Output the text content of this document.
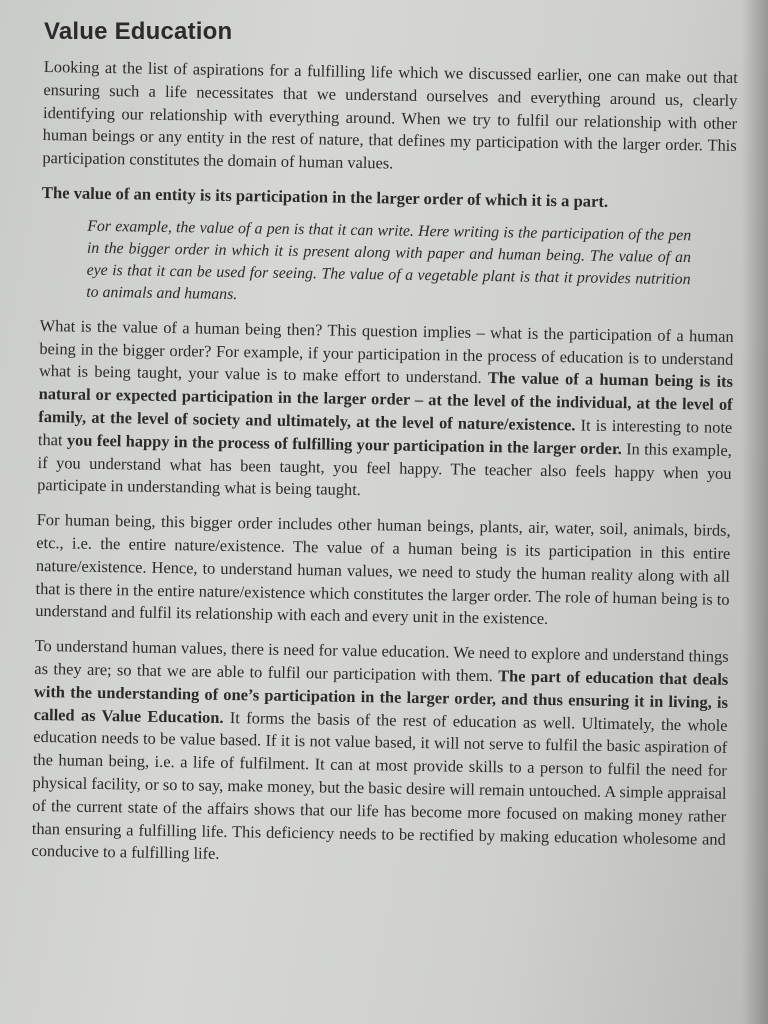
Value Education

Looking at the list of aspirations for a fulfilling life which we discussed earlier, one can make out that ensuring such a life necessitates that we understand ourselves and everything around us, clearly identifying our relationship with everything around. When we try to fulfil our relationship with other human beings or any entity in the rest of nature, that defines my participation with the larger order. This participation constitutes the domain of human values.

The value of an entity is its participation in the larger order of which it is a part.

For example, the value of a pen is that it can write. Here writing is the participation of the pen in the bigger order in which it is present along with paper and human being. The value of an eye is that it can be used for seeing. The value of a vegetable plant is that it provides nutrition to animals and humans.

What is the value of a human being then? This question implies – what is the participation of a human being in the bigger order? For example, if your participation in the process of education is to understand what is being taught, your value is to make effort to understand. The value of a human being is its natural or expected participation in the larger order – at the level of the individual, at the level of family, at the level of society and ultimately, at the level of nature/existence. It is interesting to note that you feel happy in the process of fulfilling your participation in the larger order. In this example, if you understand what has been taught, you feel happy. The teacher also feels happy when you participate in understanding what is being taught.

For human being, this bigger order includes other human beings, plants, air, water, soil, animals, birds, etc., i.e. the entire nature/existence. The value of a human being is its participation in this entire nature/existence. Hence, to understand human values, we need to study the human reality along with all that is there in the entire nature/existence which constitutes the larger order. The role of human being is to understand and fulfil its relationship with each and every unit in the existence.

To understand human values, there is need for value education. We need to explore and understand things as they are; so that we are able to fulfil our participation with them. The part of education that deals with the understanding of one’s participation in the larger order, and thus ensuring it in living, is called as Value Education. It forms the basis of the rest of education as well. Ultimately, the whole education needs to be value based. If it is not value based, it will not serve to fulfil the basic aspiration of the human being, i.e. a life of fulfilment. It can at most provide skills to a person to fulfil the need for physical facility, or so to say, make money, but the basic desire will remain untouched. A simple appraisal of the current state of the affairs shows that our life has become more focused on making money rather than ensuring a fulfilling life. This deficiency needs to be rectified by making education wholesome and conducive to a fulfilling life.
